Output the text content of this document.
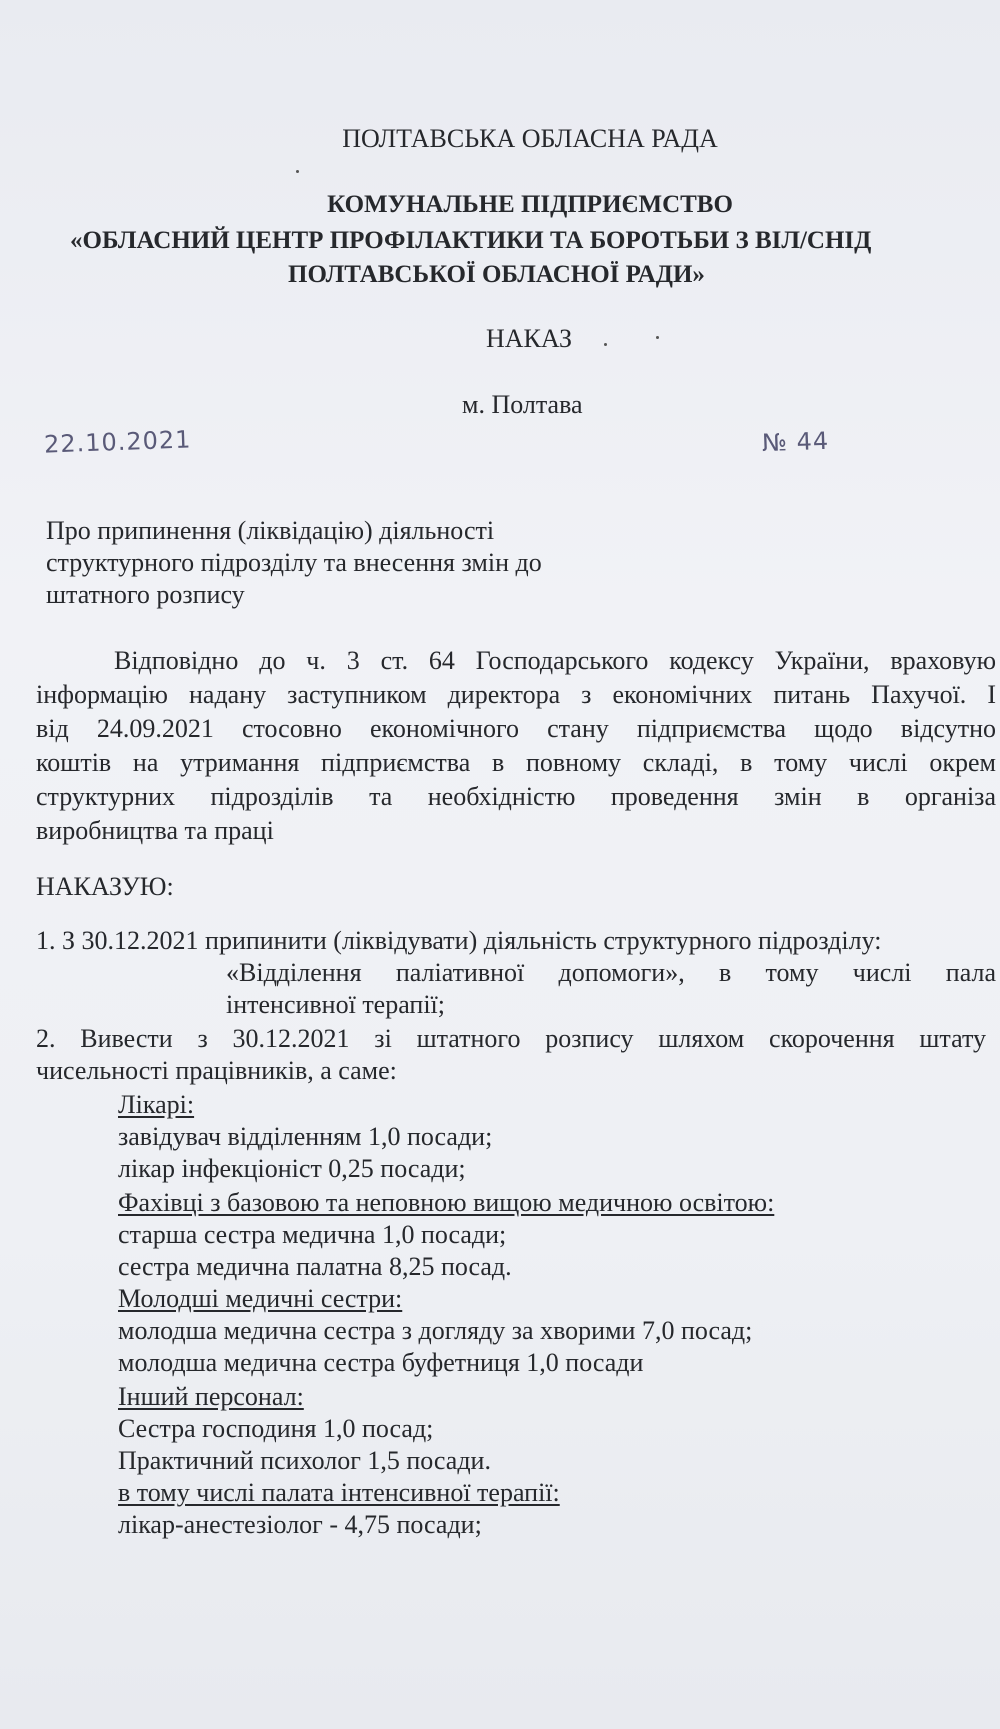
ПОЛТАВСЬКА ОБЛАСНА РАДА
КОМУНАЛЬНЕ ПІДПРИЄМСТВО
«ОБЛАСНИЙ ЦЕНТР ПРОФІЛАКТИКИ ТА БОРОТЬБИ З ВІЛ/СНІД
ПОЛТАВСЬКОЇ ОБЛАСНОЇ РАДИ»
НАКАЗ
м. Полтава
22.10.2021	№ 44
Про припинення (ліквідацію) діяльності
структурного підрозділу та внесення змін до
штатного розпису
Відповідно до ч. 3 ст. 64 Господарського кодексу України, враховую
інформацію надану заступником директора з економічних питань Пахучої. І
від 24.09.2021 стосовно економічного стану підприємства щодо відсутно
коштів на утримання підприємства в повному складі, в тому числі окрем
структурних підрозділів та необхідністю проведення змін в організа
виробництва та праці
НАКАЗУЮ:
1. З 30.12.2021 припинити (ліквідувати) діяльність структурного підрозділу:
«Відділення паліативної допомоги», в тому числі пала
інтенсивної терапії;
2. Вивести з 30.12.2021 зі штатного розпису шляхом скорочення штату
чисельності працівників, а саме:
Лікарі:
завідувач відділенням 1,0 посади;
лікар інфекціоніст 0,25 посади;
Фахівці з базовою та неповною вищою медичною освітою:
старша сестра медична 1,0 посади;
сестра медична палатна 8,25 посад.
Молодші медичні сестри:
молодша медична сестра з догляду за хворими 7,0 посад;
молодша медична сестра буфетниця 1,0 посади
Інший персонал:
Сестра господиня 1,0 посад;
Практичний психолог 1,5 посади.
в тому числі палата інтенсивної терапії:
лікар-анестезіолог - 4,75 посади;
